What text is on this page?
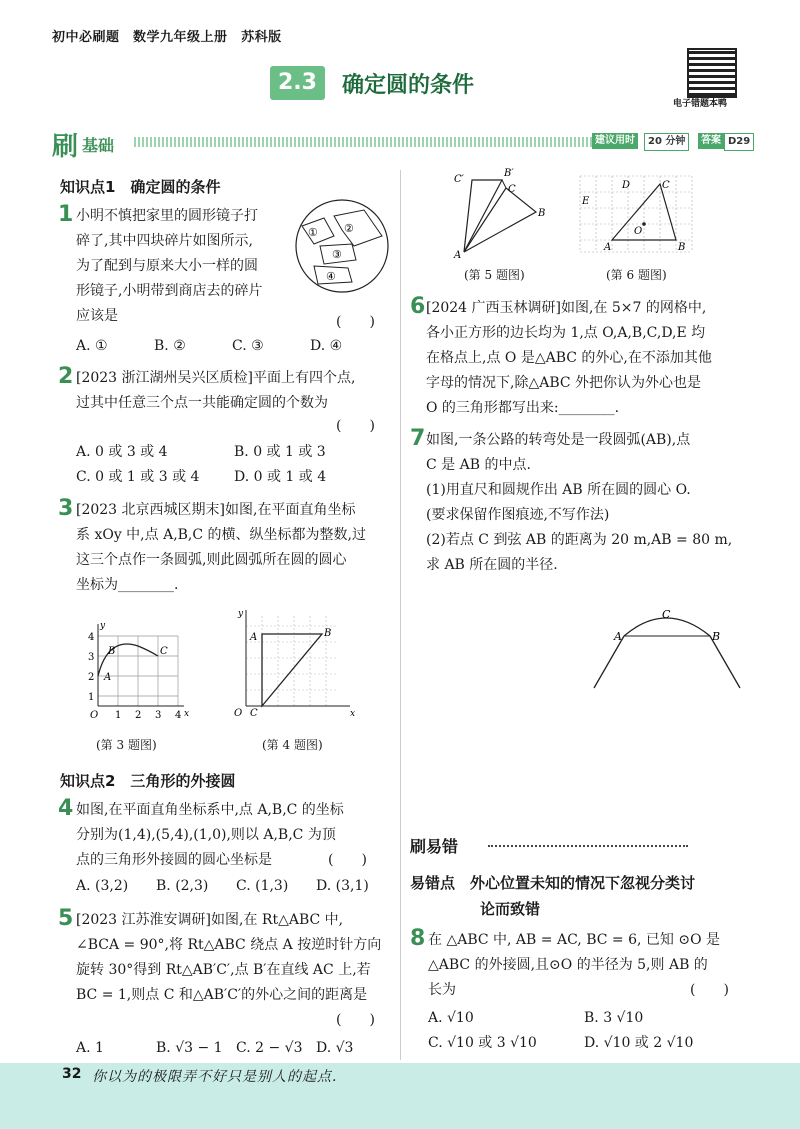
初中必刷题　 数学九年级上册　 苏科版
2.3	确定圆的条件
电子错题本鸭
刷 基础	建议用时	20 分钟	答案 D29
知识点1　确定圆的条件
1 小明不慎把家里的圆形镜子打
碎了,其中四块碎片如图所示,
为了配到与原来大小一样的圆
形镜子,小明带到商店去的碎片
应该是	(　　)
① ②
③
④
A. ①	B. ②	C. ③	D. ④
2 [2023 浙江湖州吴兴区质检]平面上有四个点,
过其中任意三个点一共能确定圆的个数为
(　　)
A. 0 或 3 或 4	B. 0 或 1 或 3
C. 0 或 1 或 3 或 4	D. 0 或 1 或 4
3 [2023 北京西城区期末]如图,在平面直角坐标
系 xOy 中,点 A,B,C 的横、纵坐标都为整数,过
这三个点作一条圆弧,则此圆弧所在圆的圆心
坐标为________.
A
B	C
y
x
O 1 2 3 4
1
2
3
4
(第 3 题图)
A	B
C
O
y
x
(第 4 题图)
知识点2　三角形的外接圆
4 如图,在平面直角坐标系中,点 A,B,C 的坐标
分别为(1,4),(5,4),(1,0),则以 A,B,C 为顶
点的三角形外接圆的圆心坐标是	(　　)
A. (3,2)	B. (2,3)	C. (1,3)	D. (3,1)
5 [2023 江苏淮安调研]如图,在 Rt△ABC 中,
∠BCA = 90°,将 Rt△ABC 绕点 A 按逆时针方向
旋转 30°得到 Rt△AB′C′,点 B′在直线 AC 上,若
BC = 1,则点 C 和△AB′C′的外心之间的距离是
(　　)
A. 1	B. √3 − 1 C. 2 − √3 D. √3
C′
B′
C
B
A
(第 5 题图)
A	B
C
D
E
O
(第 6 题图)
6 [2024 广西玉林调研]如图,在 5×7 的网格中,
各小正方形的边长均为 1,点 O,A,B,C,D,E 均
在格点上,点 O 是△ABC 的外心,在不添加其他
字母的情况下,除△ABC 外把你认为外心也是
O 的三角形都写出来:________.
7 如图,一条公路的转弯处是一段圆弧(AB),点
C 是 AB 的中点.
(1)用直尺和圆规作出 AB 所在圆的圆心 O.
(要求保留作图痕迹,不写作法)
(2)若点 C 到弦 AB 的距离为 20 m,AB = 80 m,
求 AB 所在圆的半径.
A	B
C
刷易错
易错点　外心位置未知的情况下忽视分类讨
论而致错
8 在 △ABC 中, AB = AC, BC = 6, 已知 ⊙O 是
△ABC 的外接圆,且⊙O 的半径为 5,则 AB 的
长为	(　　)
A. √10	B. 3 √10
C. √10 或 3 √10	D. √10 或 2 √10
32 你以为的极限弄不好只是别人的起点.
